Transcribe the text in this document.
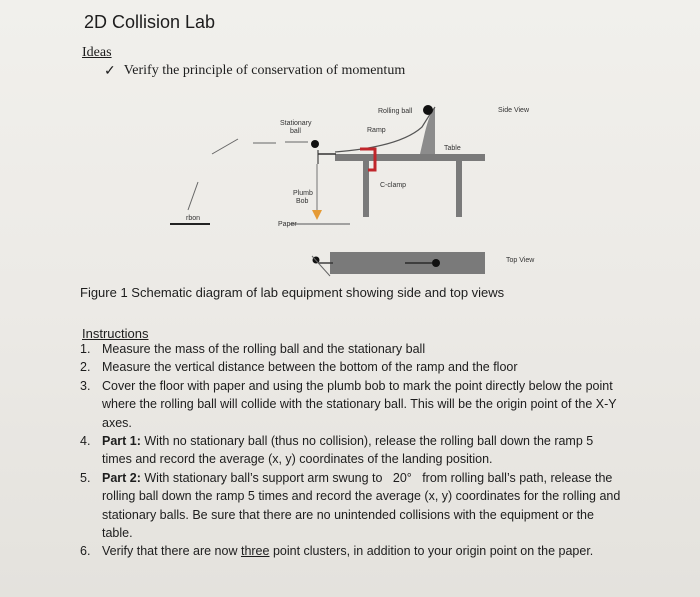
2D Collision Lab
Ideas
✓ Verify the principle of conservation of momentum
Rolling ball	Side View
Stationary
ball	Ramp
Table
C-clamp
Plumb
Bob
rbon
Paper
Top View
Figure 1 Schematic diagram of lab equipment showing side and top views
Instructions
1. Measure the mass of the rolling ball and the stationary ball
2. Measure the vertical distance between the bottom of the ramp and the floor
3. Cover the floor with paper and using the plumb bob to mark the point directly below the point where the rolling ball will collide with the stationary ball. This will be the origin point of the X-Y axes.
4. Part 1: With no stationary ball (thus no collision), release the rolling ball down the ramp 5 times and record the average (x, y) coordinates of the landing position.
5. Part 2: With stationary ball’s support arm swung to   20°   from rolling ball’s path, release the rolling ball down the ramp 5 times and record the average (x, y) coordinates for the rolling and stationary balls. Be sure that there are no unintended collisions with the equipment or the table.
6. Verify that there are now three point clusters, in addition to your origin point on the paper.
